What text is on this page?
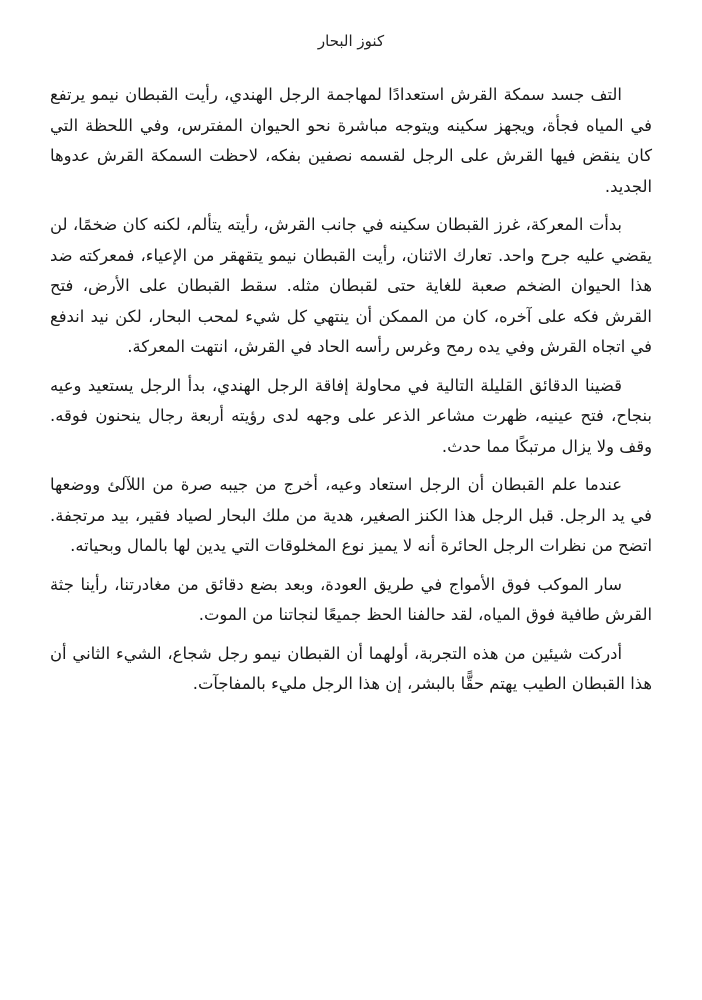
كنوز البحار

التف جسد سمكة القرش استعدادًا لمهاجمة الرجل الهندي، رأيت القبطان نيمو يرتفع في المياه فجأة، ويجهز سكينه ويتوجه مباشرة نحو الحيوان المفترس، وفي اللحظة التي كان ينقض فيها القرش على الرجل لقسمه نصفين بفكه، لاحظت السمكة القرش عدوها الجديد.

بدأت المعركة، غرز القبطان سكينه في جانب القرش، رأيته يتألم، لكنه كان ضخمًا، لن يقضي عليه جرح واحد. تعارك الاثنان، رأيت القبطان نيمو يتقهقر من الإعياء، فمعركته ضد هذا الحيوان الضخم صعبة للغاية حتى لقبطان مثله. سقط القبطان على الأرض، فتح القرش فكه على آخره، كان من الممكن أن ينتهي كل شيء لمحب البحار، لكن نيد اندفع في اتجاه القرش وفي يده رمح وغرس رأسه الحاد في القرش، انتهت المعركة.

قضينا الدقائق القليلة التالية في محاولة إفاقة الرجل الهندي، بدأ الرجل يستعيد وعيه بنجاح، فتح عينيه، ظهرت مشاعر الذعر على وجهه لدى رؤيته أربعة رجال ينحنون فوقه. وقف ولا يزال مرتبكًا مما حدث.

عندما علم القبطان أن الرجل استعاد وعيه، أخرج من جيبه صرة من اللآلئ ووضعها في يد الرجل. قبل الرجل هذا الكنز الصغير، هدية من ملك البحار لصياد فقير، بيد مرتجفة. اتضح من نظرات الرجل الحائرة أنه لا يميز نوع المخلوقات التي يدين لها بالمال وبحياته.

سار الموكب فوق الأمواج في طريق العودة، وبعد بضع دقائق من مغادرتنا، رأينا جثة القرش طافية فوق المياه، لقد حالفنا الحظ جميعًا لنجاتنا من الموت.

أدركت شيئين من هذه التجربة، أولهما أن القبطان نيمو رجل شجاع، الشيء الثاني أن هذا القبطان الطيب يهتم حقًّا بالبشر، إن هذا الرجل مليء بالمفاجآت.
